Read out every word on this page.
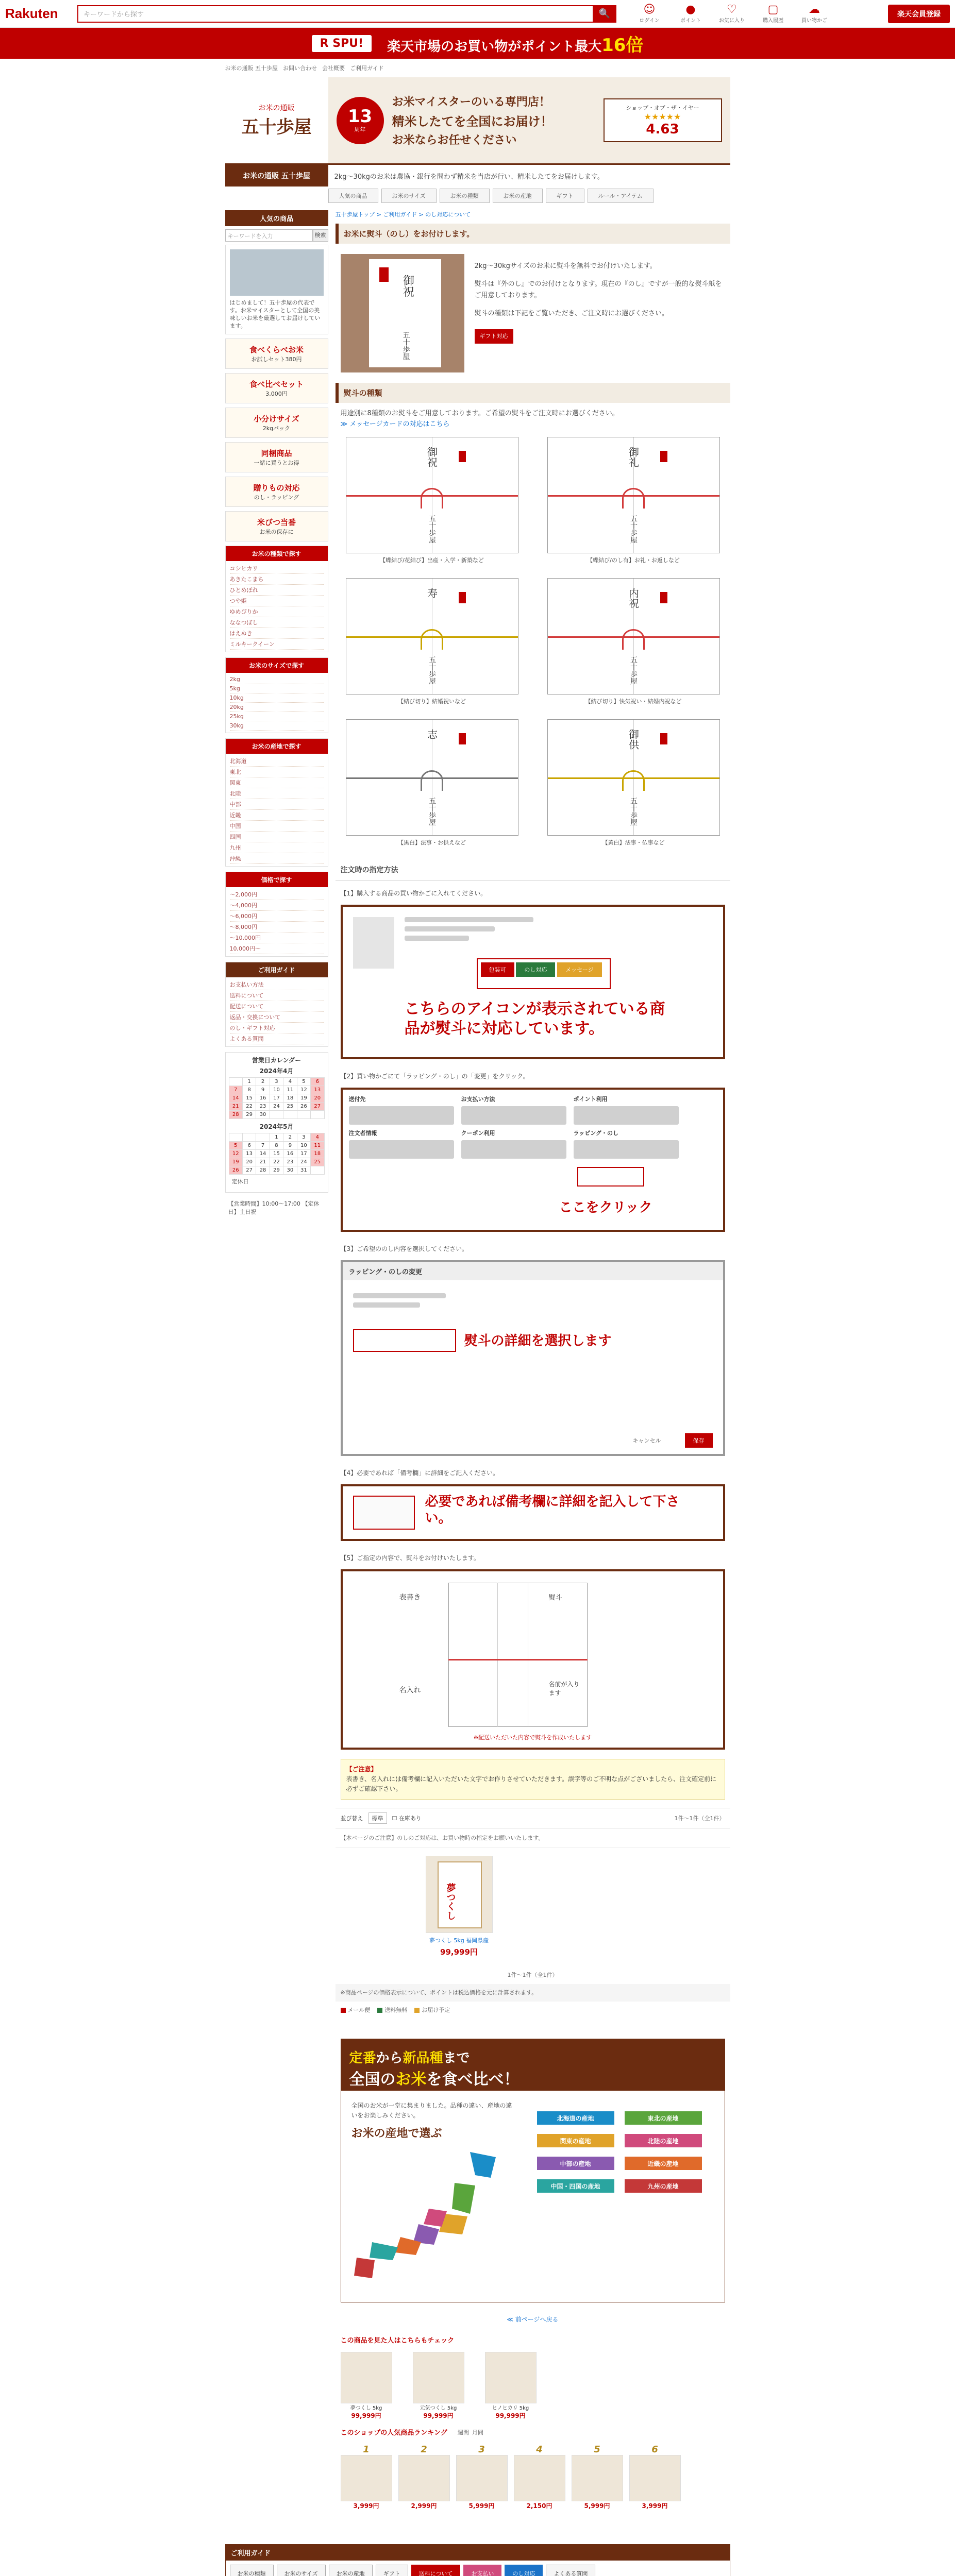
Rakuten	キーワードから探す	🔍	☺
ログイン
●
ポイント
♡
お気に入り
▢
購入履歴
☁
買い物かご
楽天会員登録
R SPU!	楽天市場のお買い物がポイント最大16倍
お米の通販 五十歩屋 お問い合わせ 会社概要 ご利用ガイド
お米の通販
五十歩屋
13
周年
お米マイスターのいる専門店！
精米したてを全国にお届け！
お米ならお任せください
ショップ・オブ・ザ・イヤー
★★★★★
4.63
お米の通販 五十歩屋	2kg〜30kgのお米は農協・銀行を問わず精米を当店が行い、精米したてをお届けします。
人気の商品	お米のサイズ	お米の種類	お米の産地	ギフト	ルール・アイテム
人気の商品
キーワードを入力	検索
はじめまして！五十歩屋の代表です。お米マイスターとして全国の美味しいお米を厳選してお届けしています。
食べくらべお米
お試しセット380円
食べ比べセット
3,000円
小分けサイズ
2kgパック
同梱商品
一緒に買うとお得
贈りもの対応
のし・ラッピング
米びつ当番
お米の保存に
お米の種類で探す
コシヒカリ
あきたこまち
ひとめぼれ
つや姫
ゆめぴりか
ななつぼし
はえぬき
ミルキークイーン
お米のサイズで探す
2kg
5kg
10kg
20kg
25kg
30kg
お米の産地で探す
北海道
東北
関東
北陸
中部
近畿
中国
四国
九州
沖縄
価格で探す
〜2,000円
〜4,000円
〜6,000円
〜8,000円
〜10,000円
10,000円〜
ご利用ガイド
お支払い方法
送料について
配送について
返品・交換について
のし・ギフト対応
よくある質問
営業日カレンダー
2024年4月
	1	2	3	4	5	6
7	8	9	10	11	12	13
14	15	16	17	18	19	20
21	22	23	24	25	26	27
28	29	30				
2024年5月
			1	2	3	4
5	6	7	8	9	10	11
12	13	14	15	16	17	18
19	20	21	22	23	24	25
26	27	28	29	30	31	
定休日
【営業時間】10:00〜17:00 【定休日】土日祝
五十歩屋トップ > ご利用ガイド > のし対応について
お米に熨斗（のし）をお付けします。
御祝
五十歩屋

2kg〜30kgサイズのお米に熨斗を無料でお付けいたします。

熨斗は『外のし』でのお付けとなります。現在の『のし』ですが一般的な熨斗紙をご用意しております。

熨斗の種類は下記をご覧いただき、ご注文時にお選びください。

ギフト対応
熨斗の種類
用途別に8種類のお熨斗をご用意しております。ご希望の熨斗をご注文時にお選びください。
≫ メッセージカードの対応はこちら
御祝
五十歩屋
【蝶結び/花結び】出産・入学・新築など
御礼
五十歩屋
【蝶結び/のし有】お礼・お返しなど
寿
五十歩屋
【結び切り】結婚祝いなど
内祝
五十歩屋
【結び切り】快気祝い・結婚内祝など
志
五十歩屋
【黒白】法事・お供えなど
御供
五十歩屋
【黄白】法事・仏事など
注文時の指定方法
【1】購入する商品の買い物かごに入れてください。
包装可	のし対応	メッセージ
こちらのアイコンが表示されている商品が熨斗に対応しています。
【2】買い物かごにて「ラッピング・のし」の「変更」をクリック。
送付先	お支払い方法	ポイント利用
注文者情報	クーポン利用	ラッピング・のし
ここをクリック
【3】ご希望ののし内容を選択してください。
ラッピング・のしの変更
熨斗の詳細を選択します
キャンセル	保存
【4】必要であれば「備考欄」に詳細をご記入ください。
必要であれば備考欄に詳細を記入して下さい。
【5】ご指定の内容で、熨斗をお付けいたします。
表書き
名入れ
熨斗
名前が入ります
※配送いただいた内容で熨斗を作成いたします
【ご注意】
表書き、名入れには備考欄に記入いただいた文字でお作りさせていただきます。誤字等のご不明な点がございましたら、注文確定前に必ずご確認下さい。
並び替え	標準	☐ 在庫あり	1件〜1件（全1件）
【本ページのご注意】のしのご対応は、お買い物時の指定をお願いいたします。
夢つくし
夢つくし 5kg 福岡県産
99,999円
1件〜1件（全1件）
※商品ページの価格表示について、ポイントは税込価格を元に計算されます。
メール便	送料無料	お届け予定
定番から新品種まで
全国のお米を食べ比べ！
全国のお米が一堂に集まりました。品種の違い、産地の違いをお楽しみください。
お米の産地で選ぶ
北海道の産地	東北の産地
関東の産地	北陸の産地
中部の産地	近畿の産地
中国・四国の産地	九州の産地
≪ 前ページへ戻る
この商品を見た人はこちらもチェック
夢つくし 5kg
99,999円
元気つくし 5kg
99,999円
ヒノヒカリ 5kg
99,999円
このショップの人気商品ランキング 週間 月間
1
3,999円
2
2,999円
3
5,999円
4
2,150円
5
5,999円
6
3,999円
ご利用ガイド
お米の種類	お米のサイズ	お米の産地	ギフト	送料について	お支払い	のし対応	よくある質問
